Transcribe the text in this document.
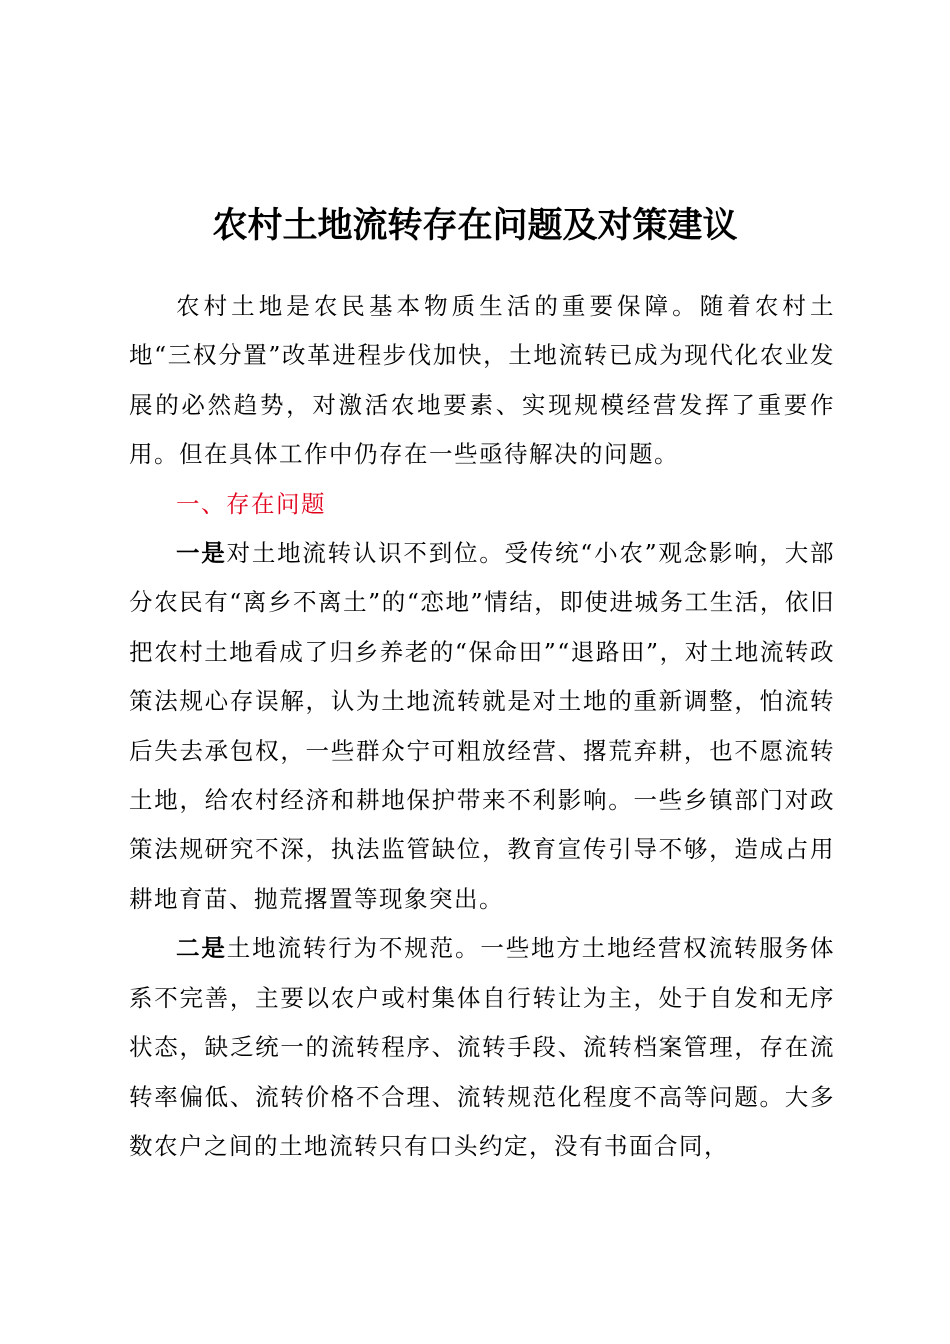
农村土地流转存在问题及对策建议

农村土地是农民基本物质生活的重要保障。随着农村土地“三权分置”改革进程步伐加快，土地流转已成为现代化农业发展的必然趋势，对激活农地要素、实现规模经营发挥了重要作用。但在具体工作中仍存在一些亟待解决的问题。

一、存在问题

一是对土地流转认识不到位。受传统“小农”观念影响，大部分农民有“离乡不离土”的“恋地”情结，即使进城务工生活，依旧把农村土地看成了归乡养老的“保命田”“退路田”，对土地流转政策法规心存误解，认为土地流转就是对土地的重新调整，怕流转后失去承包权，一些群众宁可粗放经营、撂荒弃耕，也不愿流转土地，给农村经济和耕地保护带来不利影响。一些乡镇部门对政策法规研究不深，执法监管缺位，教育宣传引导不够，造成占用耕地育苗、抛荒撂置等现象突出。

二是土地流转行为不规范。一些地方土地经营权流转服务体系不完善，主要以农户或村集体自行转让为主，处于自发和无序状态，缺乏统一的流转程序、流转手段、流转档案管理，存在流转率偏低、流转价格不合理、流转规范化程度不高等问题。大多数农户之间的土地流转只有口头约定，没有书面合同，
